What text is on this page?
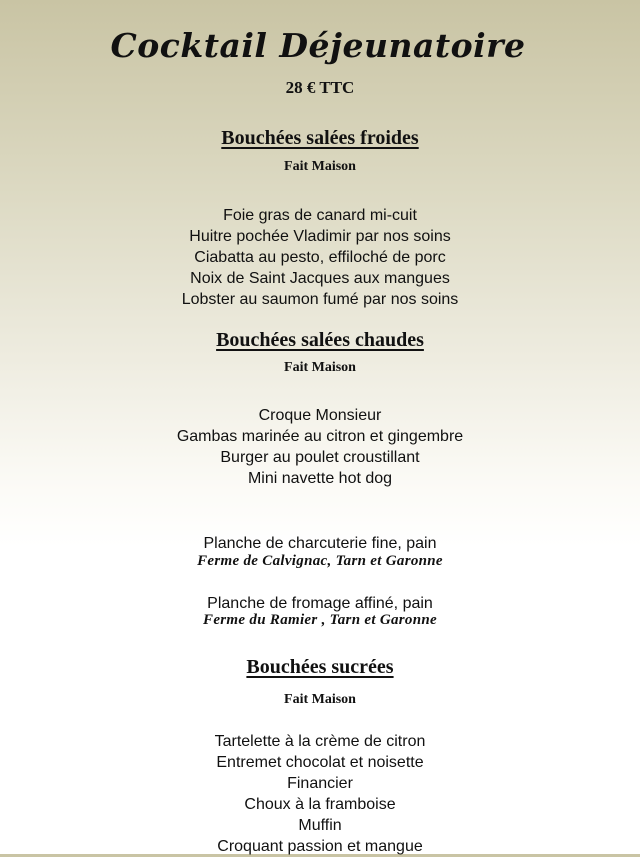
Cocktail Déjeunatoire
28 € TTC
Bouchées salées froides
Fait Maison
Foie gras de canard mi-cuit
Huitre pochée Vladimir par nos soins
Ciabatta au pesto, effiloché de porc
Noix de Saint Jacques aux mangues
Lobster au saumon fumé par nos soins
Bouchées salées chaudes
Fait Maison
Croque Monsieur
Gambas marinée au citron et gingembre
Burger au poulet croustillant
Mini navette hot dog
Planche de charcuterie fine, pain
Ferme de Calvignac, Tarn et Garonne
Planche de fromage affiné, pain
Ferme du Ramier , Tarn et Garonne
Bouchées sucrées
Fait Maison
Tartelette à la crème de citron
Entremet chocolat et noisette
Financier
Choux à la framboise
Muffin
Croquant passion et mangue
